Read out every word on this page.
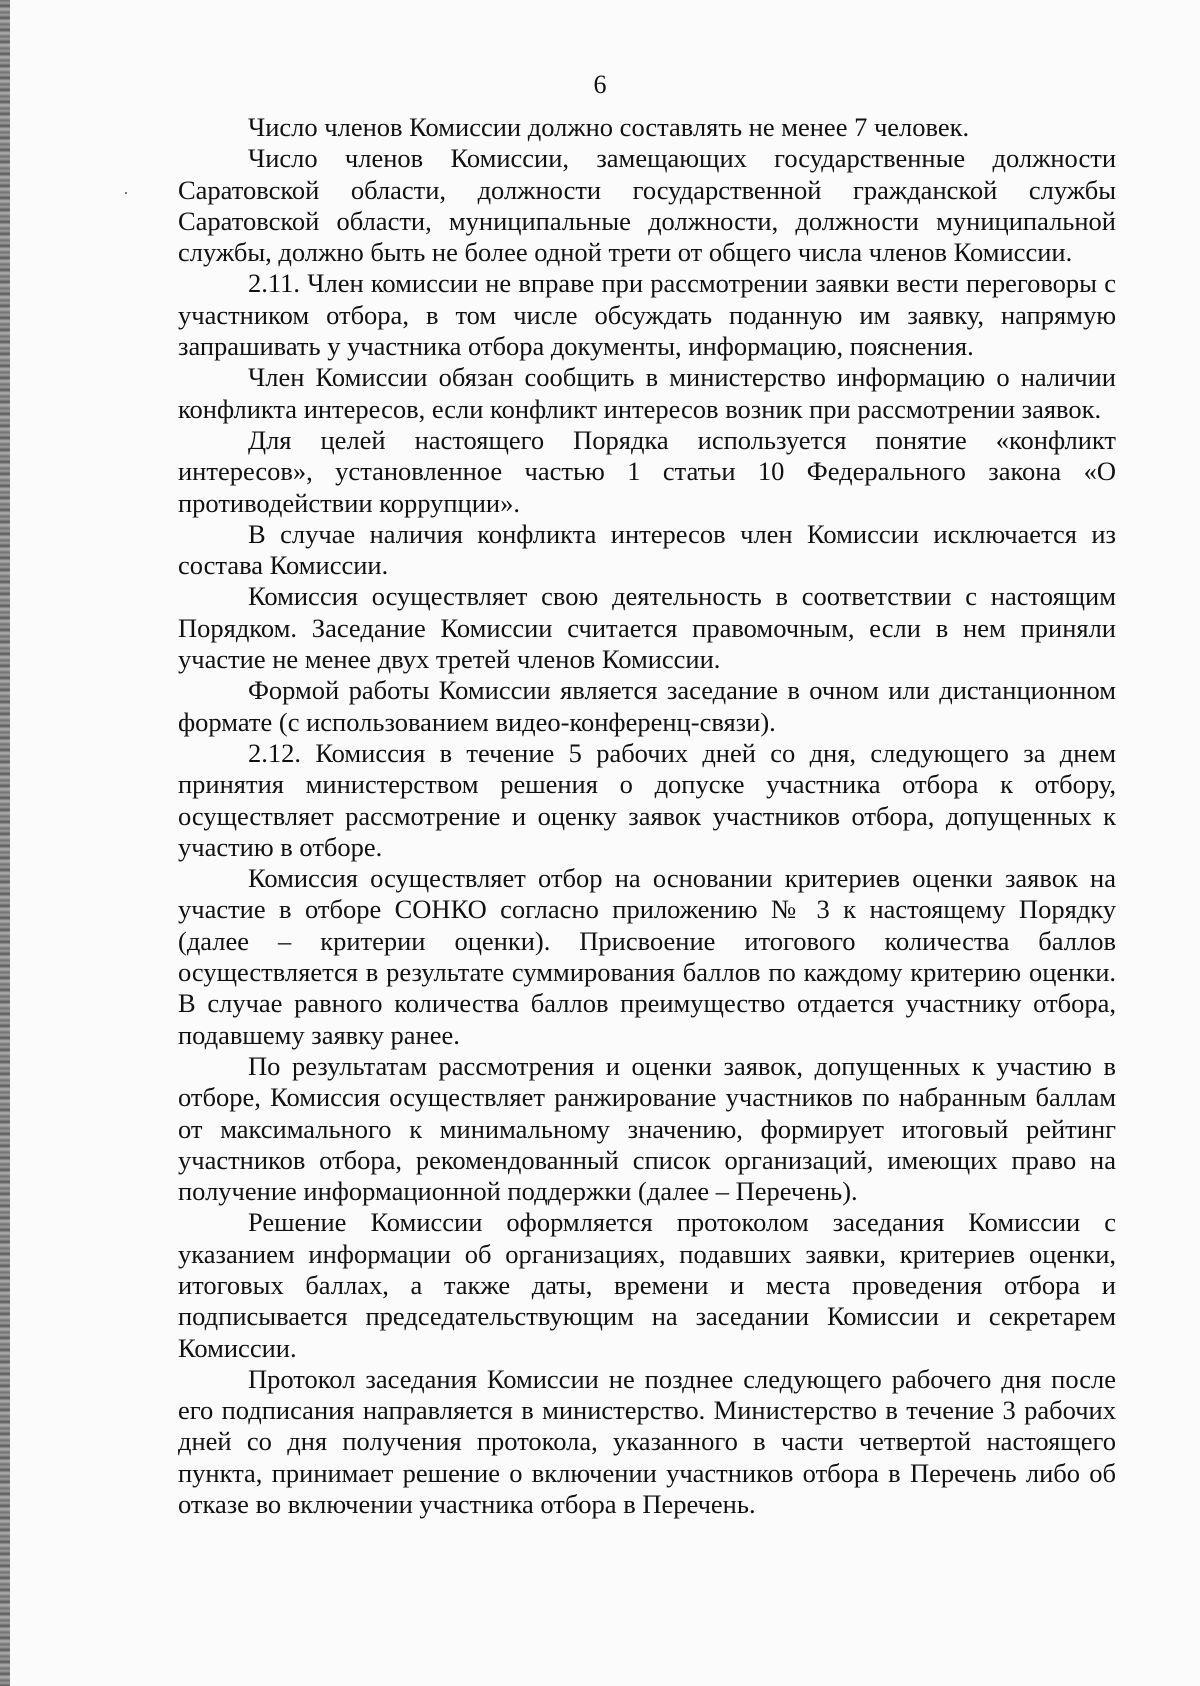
6

Число членов Комиссии должно составлять не менее 7 человек.

Число членов Комиссии, замещающих государственные должности Саратовской области, должности государственной гражданской службы Саратовской области, муниципальные должности, должности муниципальной службы, должно быть не более одной трети от общего числа членов Комиссии.

2.11. Член комиссии не вправе при рассмотрении заявки вести переговоры с участником отбора, в том числе обсуждать поданную им заявку, напрямую запрашивать у участника отбора документы, информацию, пояснения.

Член Комиссии обязан сообщить в министерство информацию о наличии конфликта интересов, если конфликт интересов возник при рассмотрении заявок.

Для целей настоящего Порядка используется понятие «конфликт интересов», установленное частью 1 статьи 10 Федерального закона «О противодействии коррупции».

В случае наличия конфликта интересов член Комиссии исключается из состава Комиссии.

Комиссия осуществляет свою деятельность в соответствии с настоящим Порядком. Заседание Комиссии считается правомочным, если в нем приняли участие не менее двух третей членов Комиссии.

Формой работы Комиссии является заседание в очном или дистанционном формате (с использованием видео-конференц-связи).

2.12. Комиссия в течение 5 рабочих дней со дня, следующего за днем принятия министерством решения о допуске участника отбора к отбору, осуществляет рассмотрение и оценку заявок участников отбора, допущенных к участию в отборе.

Комиссия осуществляет отбор на основании критериев оценки заявок на участие в отборе СОНКО согласно приложению № 3 к настоящему Порядку (далее – критерии оценки). Присвоение итогового количества баллов осуществляется в результате суммирования баллов по каждому критерию оценки. В случае равного количества баллов преимущество отдается участнику отбора, подавшему заявку ранее.

По результатам рассмотрения и оценки заявок, допущенных к участию в отборе, Комиссия осуществляет ранжирование участников по набранным баллам от максимального к минимальному значению, формирует итоговый рейтинг участников отбора, рекомендованный список организаций, имеющих право на получение информационной поддержки (далее – Перечень).

Решение Комиссии оформляется протоколом заседания Комиссии с указанием информации об организациях, подавших заявки, критериев оценки, итоговых баллах, а также даты, времени и места проведения отбора и подписывается председательствующим на заседании Комиссии и секретарем Комиссии.

Протокол заседания Комиссии не позднее следующего рабочего дня после его подписания направляется в министерство. Министерство в течение 3 рабочих дней со дня получения протокола, указанного в части четвертой настоящего пункта, принимает решение о включении участников отбора в Перечень либо об отказе во включении участника отбора в Перечень.
